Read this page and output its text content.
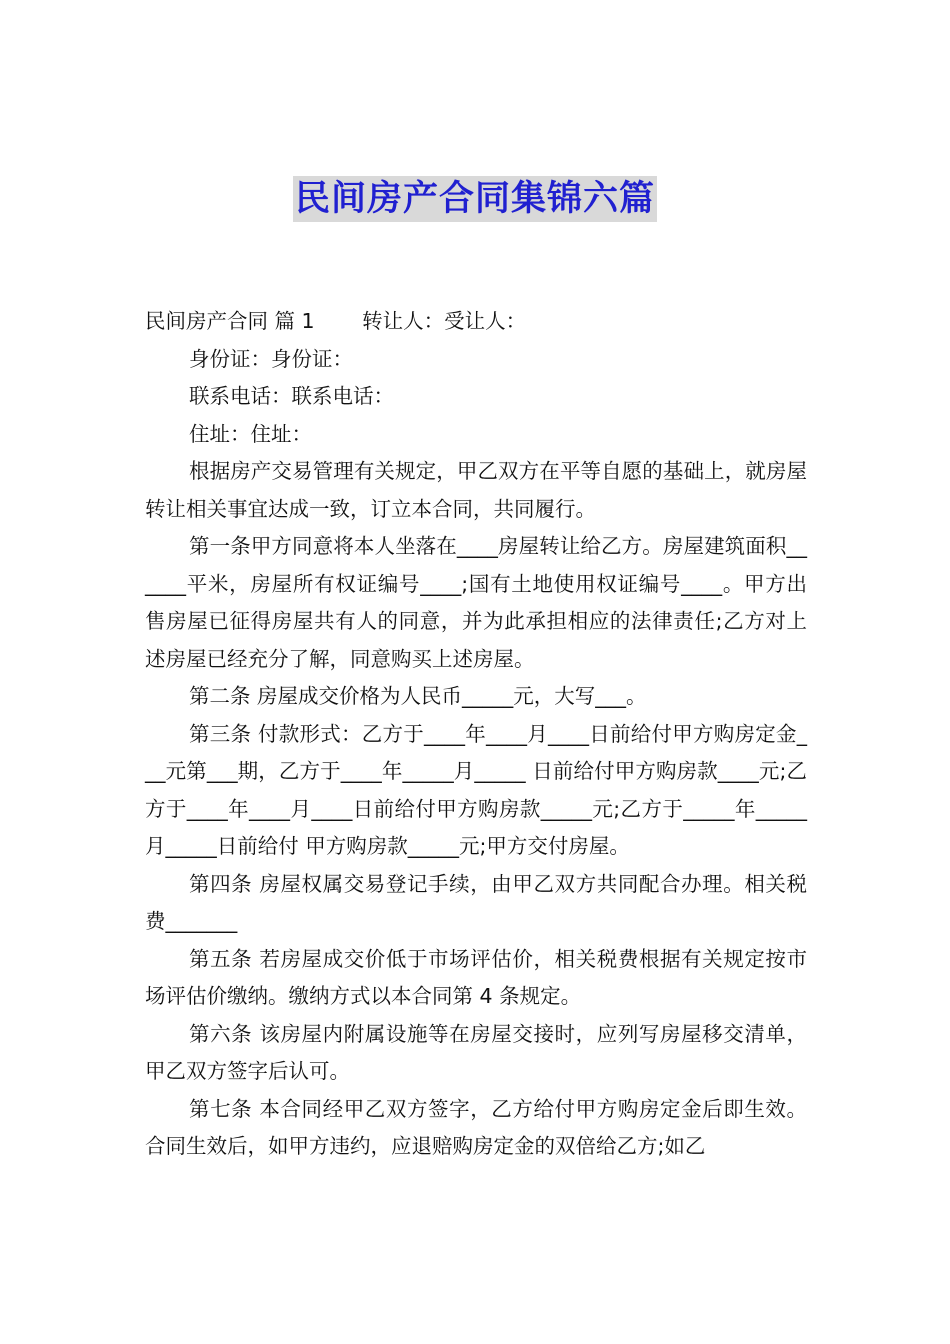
民间房产合同集锦六篇

民间房产合同 篇 1　　 转让人：受让人：

身份证：身份证：

联系电话：联系电话：

住址：住址：

根据房产交易管理有关规定，甲乙双方在平等自愿的基础上，就房屋转让相关事宜达成一致，订立本合同，共同履行。

第一条甲方同意将本人坐落在____房屋转让给乙方。房屋建筑面积______平米，房屋所有权证编号____;国有土地使用权证编号____。甲方出售房屋已征得房屋共有人的同意，并为此承担相应的法律责任;乙方对上述房屋已经充分了解，同意购买上述房屋。

第二条 房屋成交价格为人民币_____元，大写___。

第三条 付款形式：乙方于____年____月____日前给付甲方购房定金___元第___期，乙方于____年_____月_____ 日前给付甲方购房款____元;乙方于____年____月____日前给付甲方购房款_____元;乙方于_____年_____月_____日前给付 甲方购房款_____元;甲方交付房屋。

第四条 房屋权属交易登记手续，由甲乙双方共同配合办理。相关税费_______

第五条 若房屋成交价低于市场评估价，相关税费根据有关规定按市场评估价缴纳。缴纳方式以本合同第 4 条规定。

第六条 该房屋内附属设施等在房屋交接时，应列写房屋移交清单，甲乙双方签字后认可。

第七条 本合同经甲乙双方签字，乙方给付甲方购房定金后即生效。合同生效后，如甲方违约，应退赔购房定金的双倍给乙方;如乙
